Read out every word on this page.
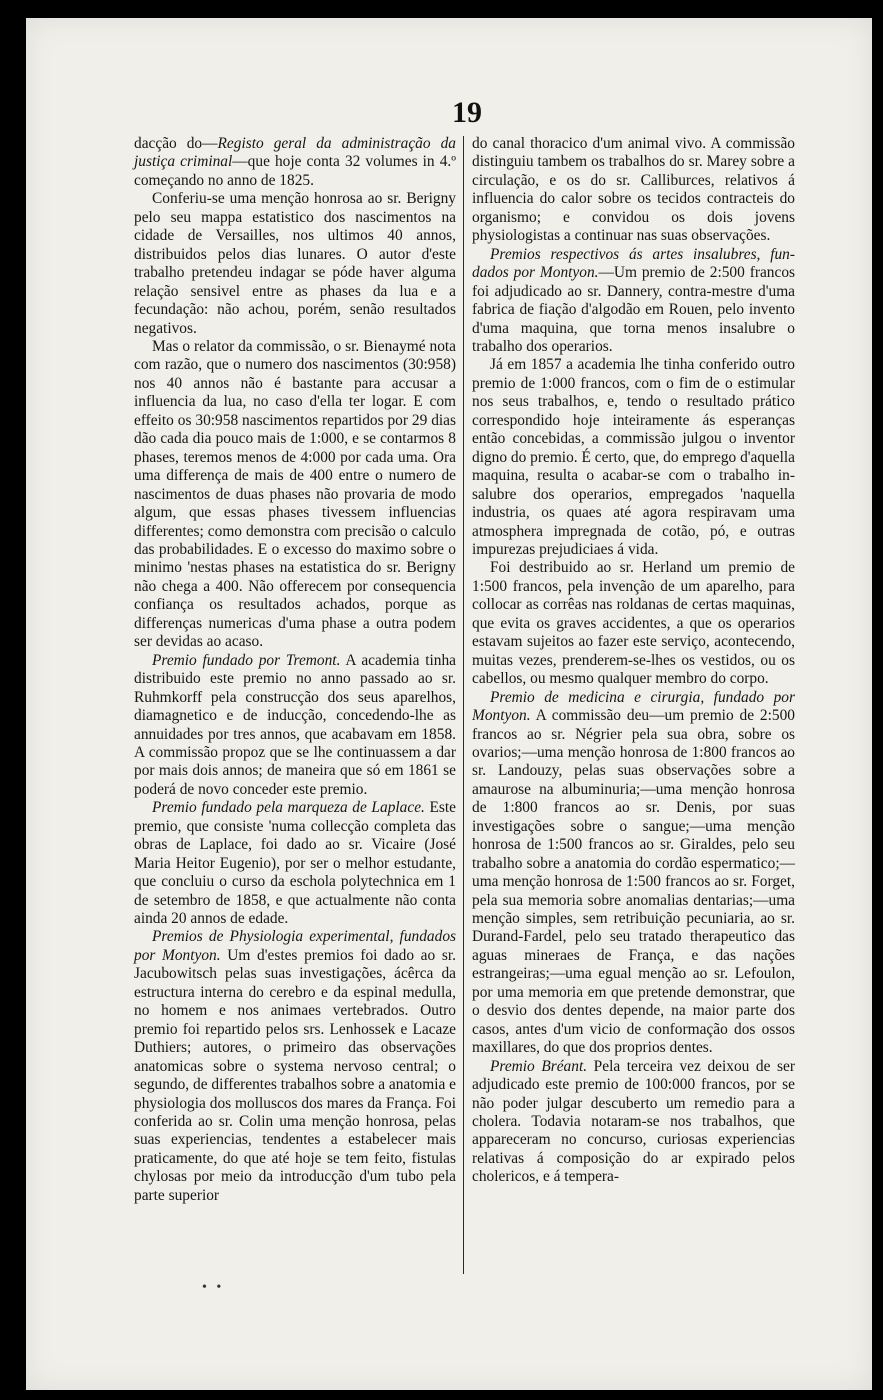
19

dacção do—Registo geral da administração da justiça criminal—que hoje conta 32 volumes in 4.º começando no anno de 1825.

Conferiu-se uma menção honrosa ao sr. Berigny pelo seu mappa estatistico dos nascimentos na cidade de Versailles, nos ultimos 40 annos, distribuidos pelos dias lunares. O autor d'este trabalho pretendeu indagar se póde haver alguma relação sensivel entre as phases da lua e a fecundação: não achou, porém, senão resultados negativos.

Mas o relator da commissão, o sr. Bienaymé nota com razão, que o numero dos nascimentos (30:958) nos 40 annos não é bastante para accusar a influencia da lua, no caso d'ella ter logar. E com effeito os 30:958 nascimentos repartidos por 29 dias dão cada dia pouco mais de 1:000, e se contarmos 8 phases, teremos menos de 4:000 por cada uma. Ora uma differença de mais de 400 entre o numero de nascimentos de duas phases não provaria de modo algum, que essas phases tivessem influencias differentes; como demonstra com precisão o calculo das probabilidades. E o excesso do maximo sobre o minimo 'nestas phases na estatistica do sr. Berigny não chega a 400. Não offerecem por consequencia confiança os resultados achados, porque as differenças numericas d'uma phase a outra podem ser devidas ao acaso.

Premio fundado por Tremont. A academia tinha distribuido este premio no anno passado ao sr. Ruhmkorff pela construcção dos seus aparelhos, diamagnetico e de inducção, concedendo-lhe as annuidades por tres annos, que acabavam em 1858. A commissão propoz que se lhe continuassem a dar por mais dois annos; de maneira que só em 1861 se poderá de novo conceder este premio.

Premio fundado pela marqueza de Laplace. Este premio, que consiste 'numa collecção completa das obras de Laplace, foi dado ao sr. Vicaire (José Maria Heitor Eugenio), por ser o melhor estudante, que concluiu o curso da eschola polytechnica em 1 de setembro de 1858, e que actualmente não conta ainda 20 annos de edade.

Premios de Physiologia experimental, fundados por Montyon. Um d'estes premios foi dado ao sr. Jacubowitsch pelas suas investigações, ácêrca da estructura interna do cerebro e da espinal medulla, no homem e nos animaes vertebrados. Outro premio foi repartido pelos srs. Lenhossek e Lacaze Duthiers; autores, o primeiro das observações anatomicas sobre o systema nervoso central; o segundo, de differentes trabalhos sobre a anatomia e physiologia dos molluscos dos mares da França. Foi conferida ao sr. Colin uma menção honrosa, pelas suas experiencias, tendentes a estabelecer mais praticamente, do que até hoje se tem feito, fistulas chylosas por meio da introducção d'um tubo pela parte superior

do canal thoracico d'um animal vivo. A commissão distinguiu tambem os trabalhos do sr. Marey sobre a circulação, e os do sr. Calliburces, relativos á influencia do calor sobre os tecidos contracteis do organismo; e convidou os dois jovens physiologistas a continuar nas suas observações.

Premios respectivos ás artes insalubres, fundados por Montyon.—Um premio de 2:500 francos foi adjudicado ao sr. Dannery, contra-mestre d'uma fabrica de fiação d'algodão em Rouen, pelo invento d'uma maquina, que torna menos insalubre o trabalho dos operarios.

Já em 1857 a academia lhe tinha conferido outro premio de 1:000 francos, com o fim de o estimular nos seus trabalhos, e, tendo o resultado prático correspondido hoje inteiramente ás esperanças então concebidas, a commissão julgou o inventor digno do premio. É certo, que, do emprego d'aquella maquina, resulta o acabar-se com o trabalho insalubre dos operarios, empregados 'naquella industria, os quaes até agora respiravam uma atmosphera impregnada de cotão, pó, e outras impurezas prejudiciaes á vida.

Foi destribuido ao sr. Herland um premio de 1:500 francos, pela invenção de um aparelho, para collocar as corrêas nas roldanas de certas maquinas, que evita os graves accidentes, a que os operarios estavam sujeitos ao fazer este serviço, acontecendo, muitas vezes, prenderem-se-lhes os vestidos, ou os cabellos, ou mesmo qualquer membro do corpo.

Premio de medicina e cirurgia, fundado por Montyon. A commissão deu—um premio de 2:500 francos ao sr. Négrier pela sua obra, sobre os ovarios;—uma menção honrosa de 1:800 francos ao sr. Landouzy, pelas suas observações sobre a amaurose na albuminuria;—uma menção honrosa de 1:800 francos ao sr. Denis, por suas investigações sobre o sangue;—uma menção honrosa de 1:500 francos ao sr. Giraldes, pelo seu trabalho sobre a anatomia do cordão espermatico;—uma menção honrosa de 1:500 francos ao sr. Forget, pela sua memoria sobre anomalias dentarias;—uma menção simples, sem retribuição pecuniaria, ao sr. Durand-Fardel, pelo seu tratado therapeutico das aguas mineraes de França, e das nações estrangeiras;—uma egual menção ao sr. Lefoulon, por uma memoria em que pretende demonstrar, que o desvio dos dentes depende, na maior parte dos casos, antes d'um vicio de conformação dos ossos maxillares, do que dos proprios dentes.

Premio Bréant. Pela terceira vez deixou de ser adjudicado este premio de 100:000 francos, por se não poder julgar descuberto um remedio para a cholera. Todavia notaram-se nos trabalhos, que appareceram no concurso, curiosas experiencias relativas á composição do ar expirado pelos cholericos, e á tempera-

• •
